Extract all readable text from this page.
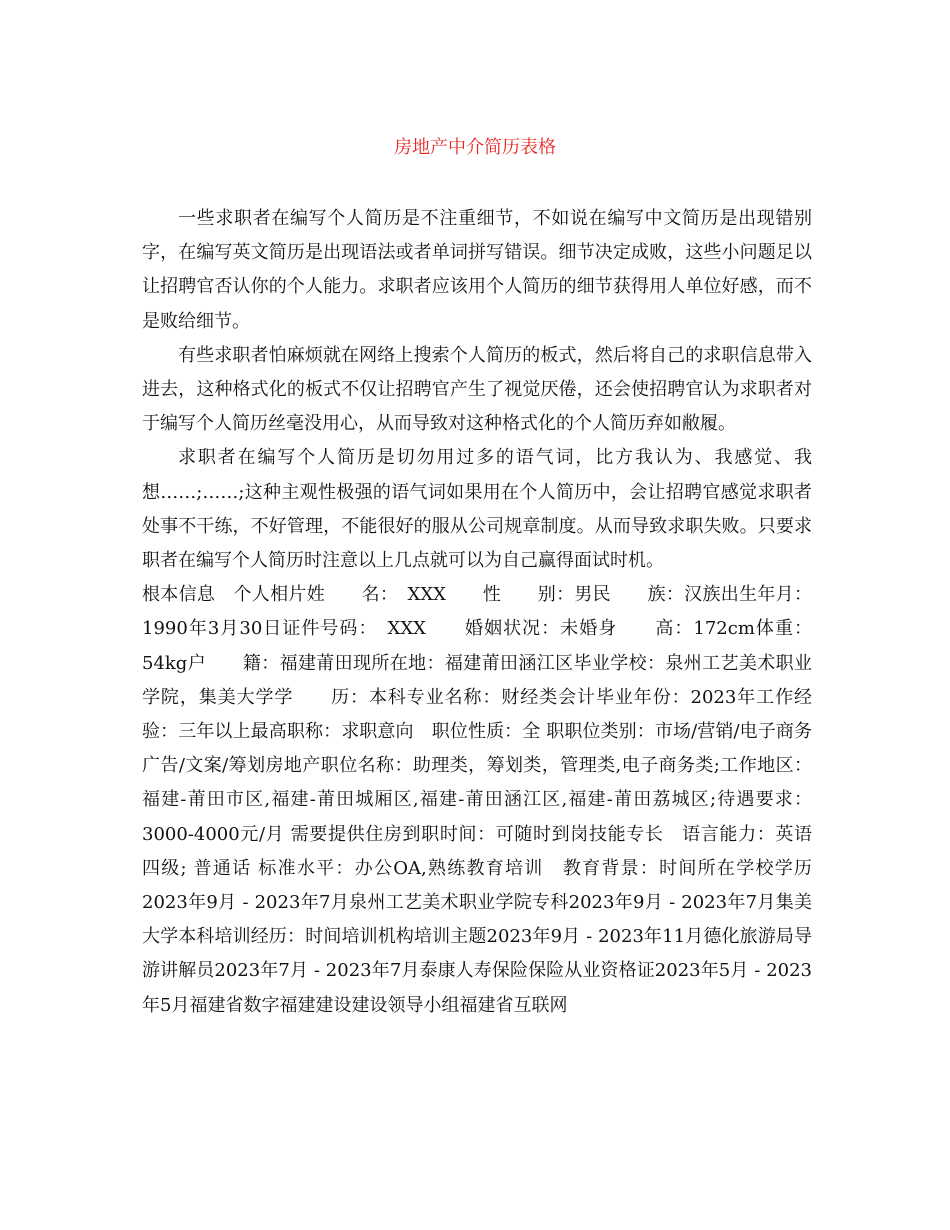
房地产中介简历表格

一些求职者在编写个人简历是不注重细节，不如说在编写中文简历是出现错别字，在编写英文简历是出现语法或者单词拼写错误。细节决定成败，这些小问题足以让招聘官否认你的个人能力。求职者应该用个人简历的细节获得用人单位好感，而不是败给细节。

有些求职者怕麻烦就在网络上搜索个人简历的板式，然后将自己的求职信息带入进去，这种格式化的板式不仅让招聘官产生了视觉厌倦，还会使招聘官认为求职者对于编写个人简历丝毫没用心，从而导致对这种格式化的个人简历弃如敝履。

求职者在编写个人简历是切勿用过多的语气词，比方我认为、我感觉、我想……;……;这种主观性极强的语气词如果用在个人简历中，会让招聘官感觉求职者处事不干练，不好管理，不能很好的服从公司规章制度。从而导致求职失败。只要求职者在编写个人简历时注意以上几点就可以为自己赢得面试时机。

根本信息　个人相片姓　　名：　XXX　　性　　别：男民　　族：汉族出生年月：1990年3月30日证件号码：　XXX　　婚姻状况：未婚身　　高：172cm体重：54kg户　　籍：福建莆田现所在地：福建莆田涵江区毕业学校：泉州工艺美术职业学院，集美大学学　　历：本科专业名称：财经类会计毕业年份：2023年工作经验：三年以上最高职称：求职意向　职位性质：全 职职位类别：市场/营销/电子商务广告/文案/筹划房地产职位名称：助理类，筹划类，管理类,电子商务类;工作地区：福建-莆田市区,福建-莆田城厢区,福建-莆田涵江区,福建-莆田荔城区;待遇要求：3000-4000元/月 需要提供住房到职时间：可随时到岗技能专长　语言能力：英语 四级; 普通话 标准水平：办公OA,熟练教育培训　教育背景：时间所在学校学历2023年9月 - 2023年7月泉州工艺美术职业学院专科2023年9月 - 2023年7月集美大学本科培训经历：时间培训机构培训主题2023年9月 - 2023年11月德化旅游局导游讲解员2023年7月 - 2023年7月泰康人寿保险保险从业资格证2023年5月 - 2023年5月福建省数字福建建设建设领导小组福建省互联网
